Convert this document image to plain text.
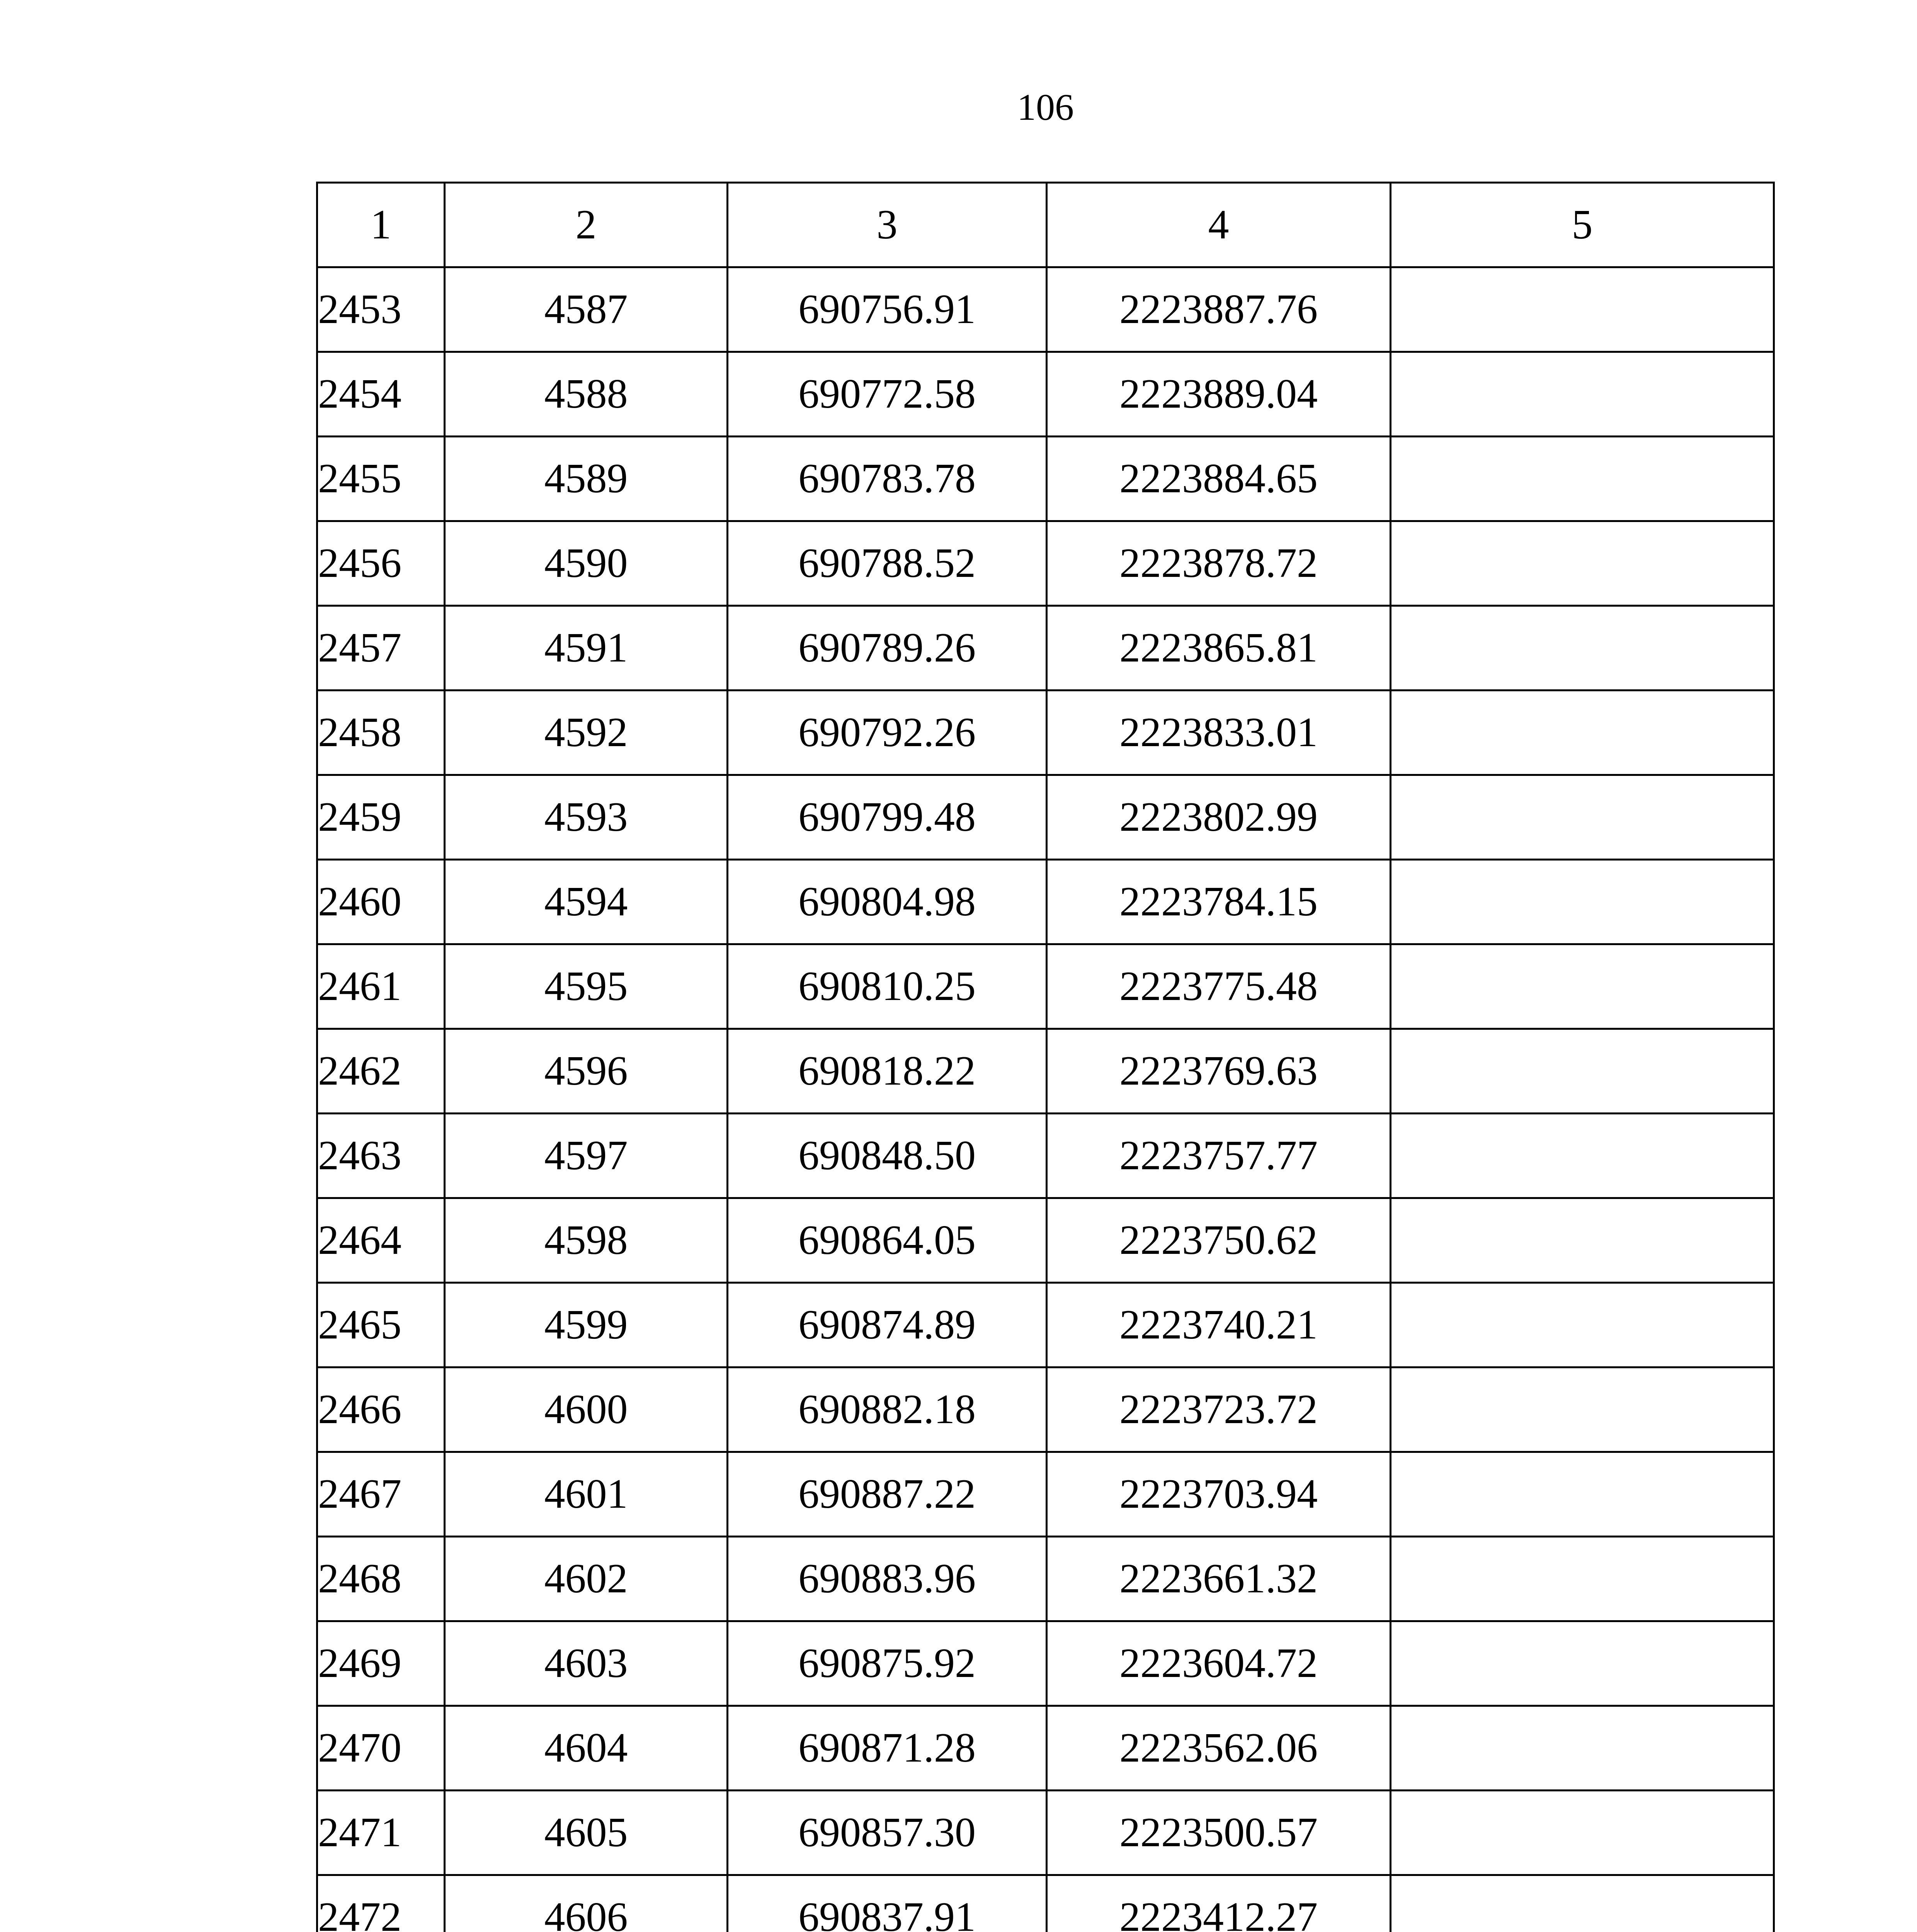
106
1	2	3	4	5
2453	4587	690756.91	2223887.76	
2454	4588	690772.58	2223889.04	
2455	4589	690783.78	2223884.65	
2456	4590	690788.52	2223878.72	
2457	4591	690789.26	2223865.81	
2458	4592	690792.26	2223833.01	
2459	4593	690799.48	2223802.99	
2460	4594	690804.98	2223784.15	
2461	4595	690810.25	2223775.48	
2462	4596	690818.22	2223769.63	
2463	4597	690848.50	2223757.77	
2464	4598	690864.05	2223750.62	
2465	4599	690874.89	2223740.21	
2466	4600	690882.18	2223723.72	
2467	4601	690887.22	2223703.94	
2468	4602	690883.96	2223661.32	
2469	4603	690875.92	2223604.72	
2470	4604	690871.28	2223562.06	
2471	4605	690857.30	2223500.57	
2472	4606	690837.91	2223412.27	
